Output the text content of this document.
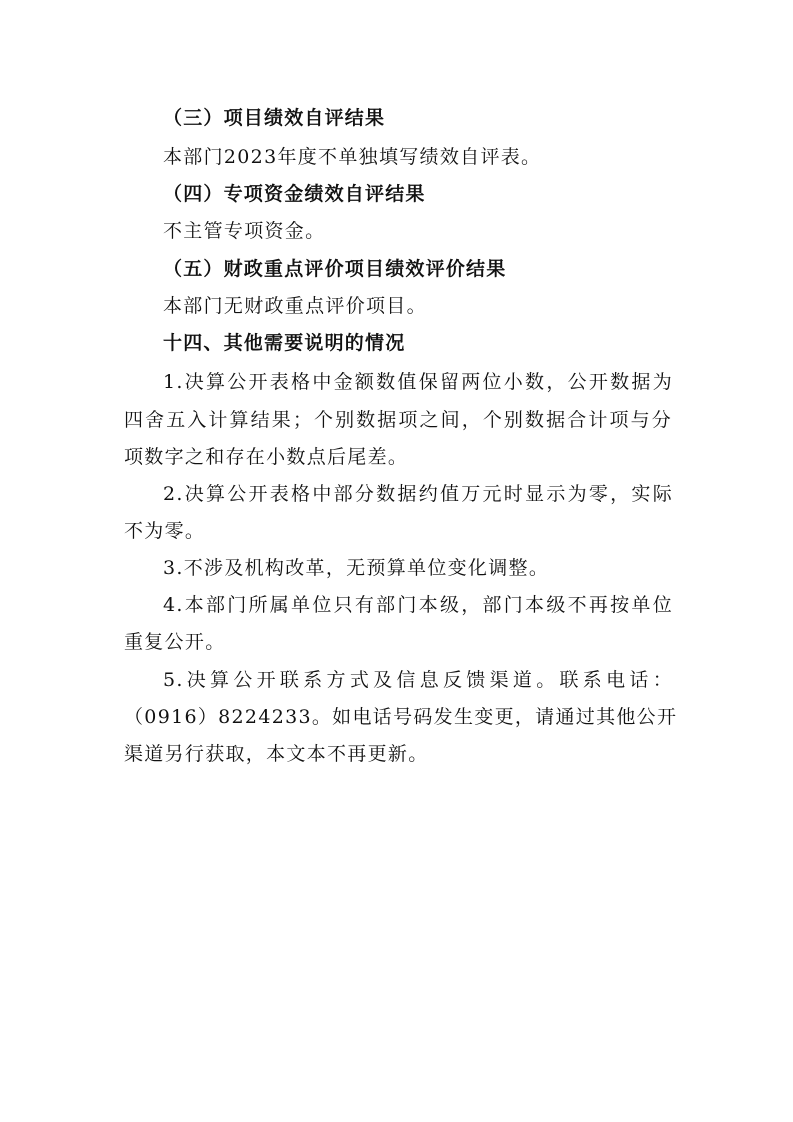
（三）项目绩效自评结果
本部门2023年度不单独填写绩效自评表。
（四）专项资金绩效自评结果
不主管专项资金。
（五）财政重点评价项目绩效评价结果
本部门无财政重点评价项目。
十四、其他需要说明的情况
1.决算公开表格中金额数值保留两位小数，公开数据为
四舍五入计算结果；个别数据项之间，个别数据合计项与分
项数字之和存在小数点后尾差。
2.决算公开表格中部分数据约值万元时显示为零，实际
不为零。
3.不涉及机构改革，无预算单位变化调整。
4.本部门所属单位只有部门本级，部门本级不再按单位
重复公开。
5.决算公开联系方式及信息反馈渠道。联系电话：
（0916）8224233。如电话号码发生变更，请通过其他公开
渠道另行获取，本文本不再更新。
